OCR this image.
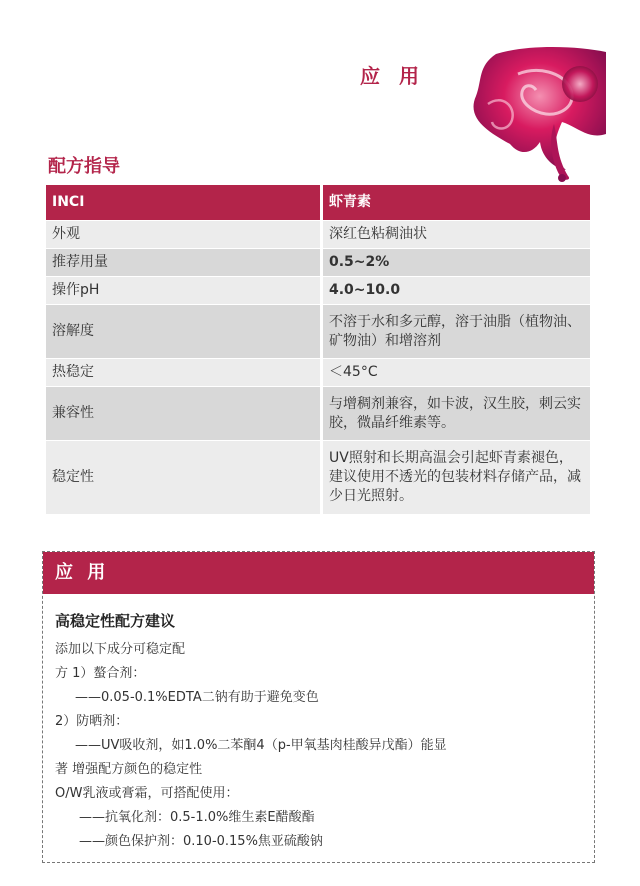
应 用
配方指导
INCI	虾青素
外观	深红色粘稠油状
推荐用量	0.5~2%
操作pH	4.0~10.0
溶解度	不溶于水和多元醇，溶于油脂（植物油、矿物油）和增溶剂
热稳定	＜45°C
兼容性	与增稠剂兼容，如卡波，汉生胶，刺云实胶，微晶纤维素等。
稳定性	UV照射和长期高温会引起虾青素褪色，建议使用不透光的包装材料存储产品，减少日光照射。
应 用
高稳定性配方建议
添加以下成分可稳定配
方 1）螯合剂：
——0.05-0.1%EDTA二钠有助于避免变色
2）防晒剂：
——UV吸收剂，如1.0%二苯酮4（p-甲氧基肉桂酸异戊酯）能显
著 增强配方颜色的稳定性
O/W乳液或膏霜，可搭配使用：
——抗氧化剂：0.5-1.0%维生素E醋酸酯
——颜色保护剂：0.10-0.15%焦亚硫酸钠
